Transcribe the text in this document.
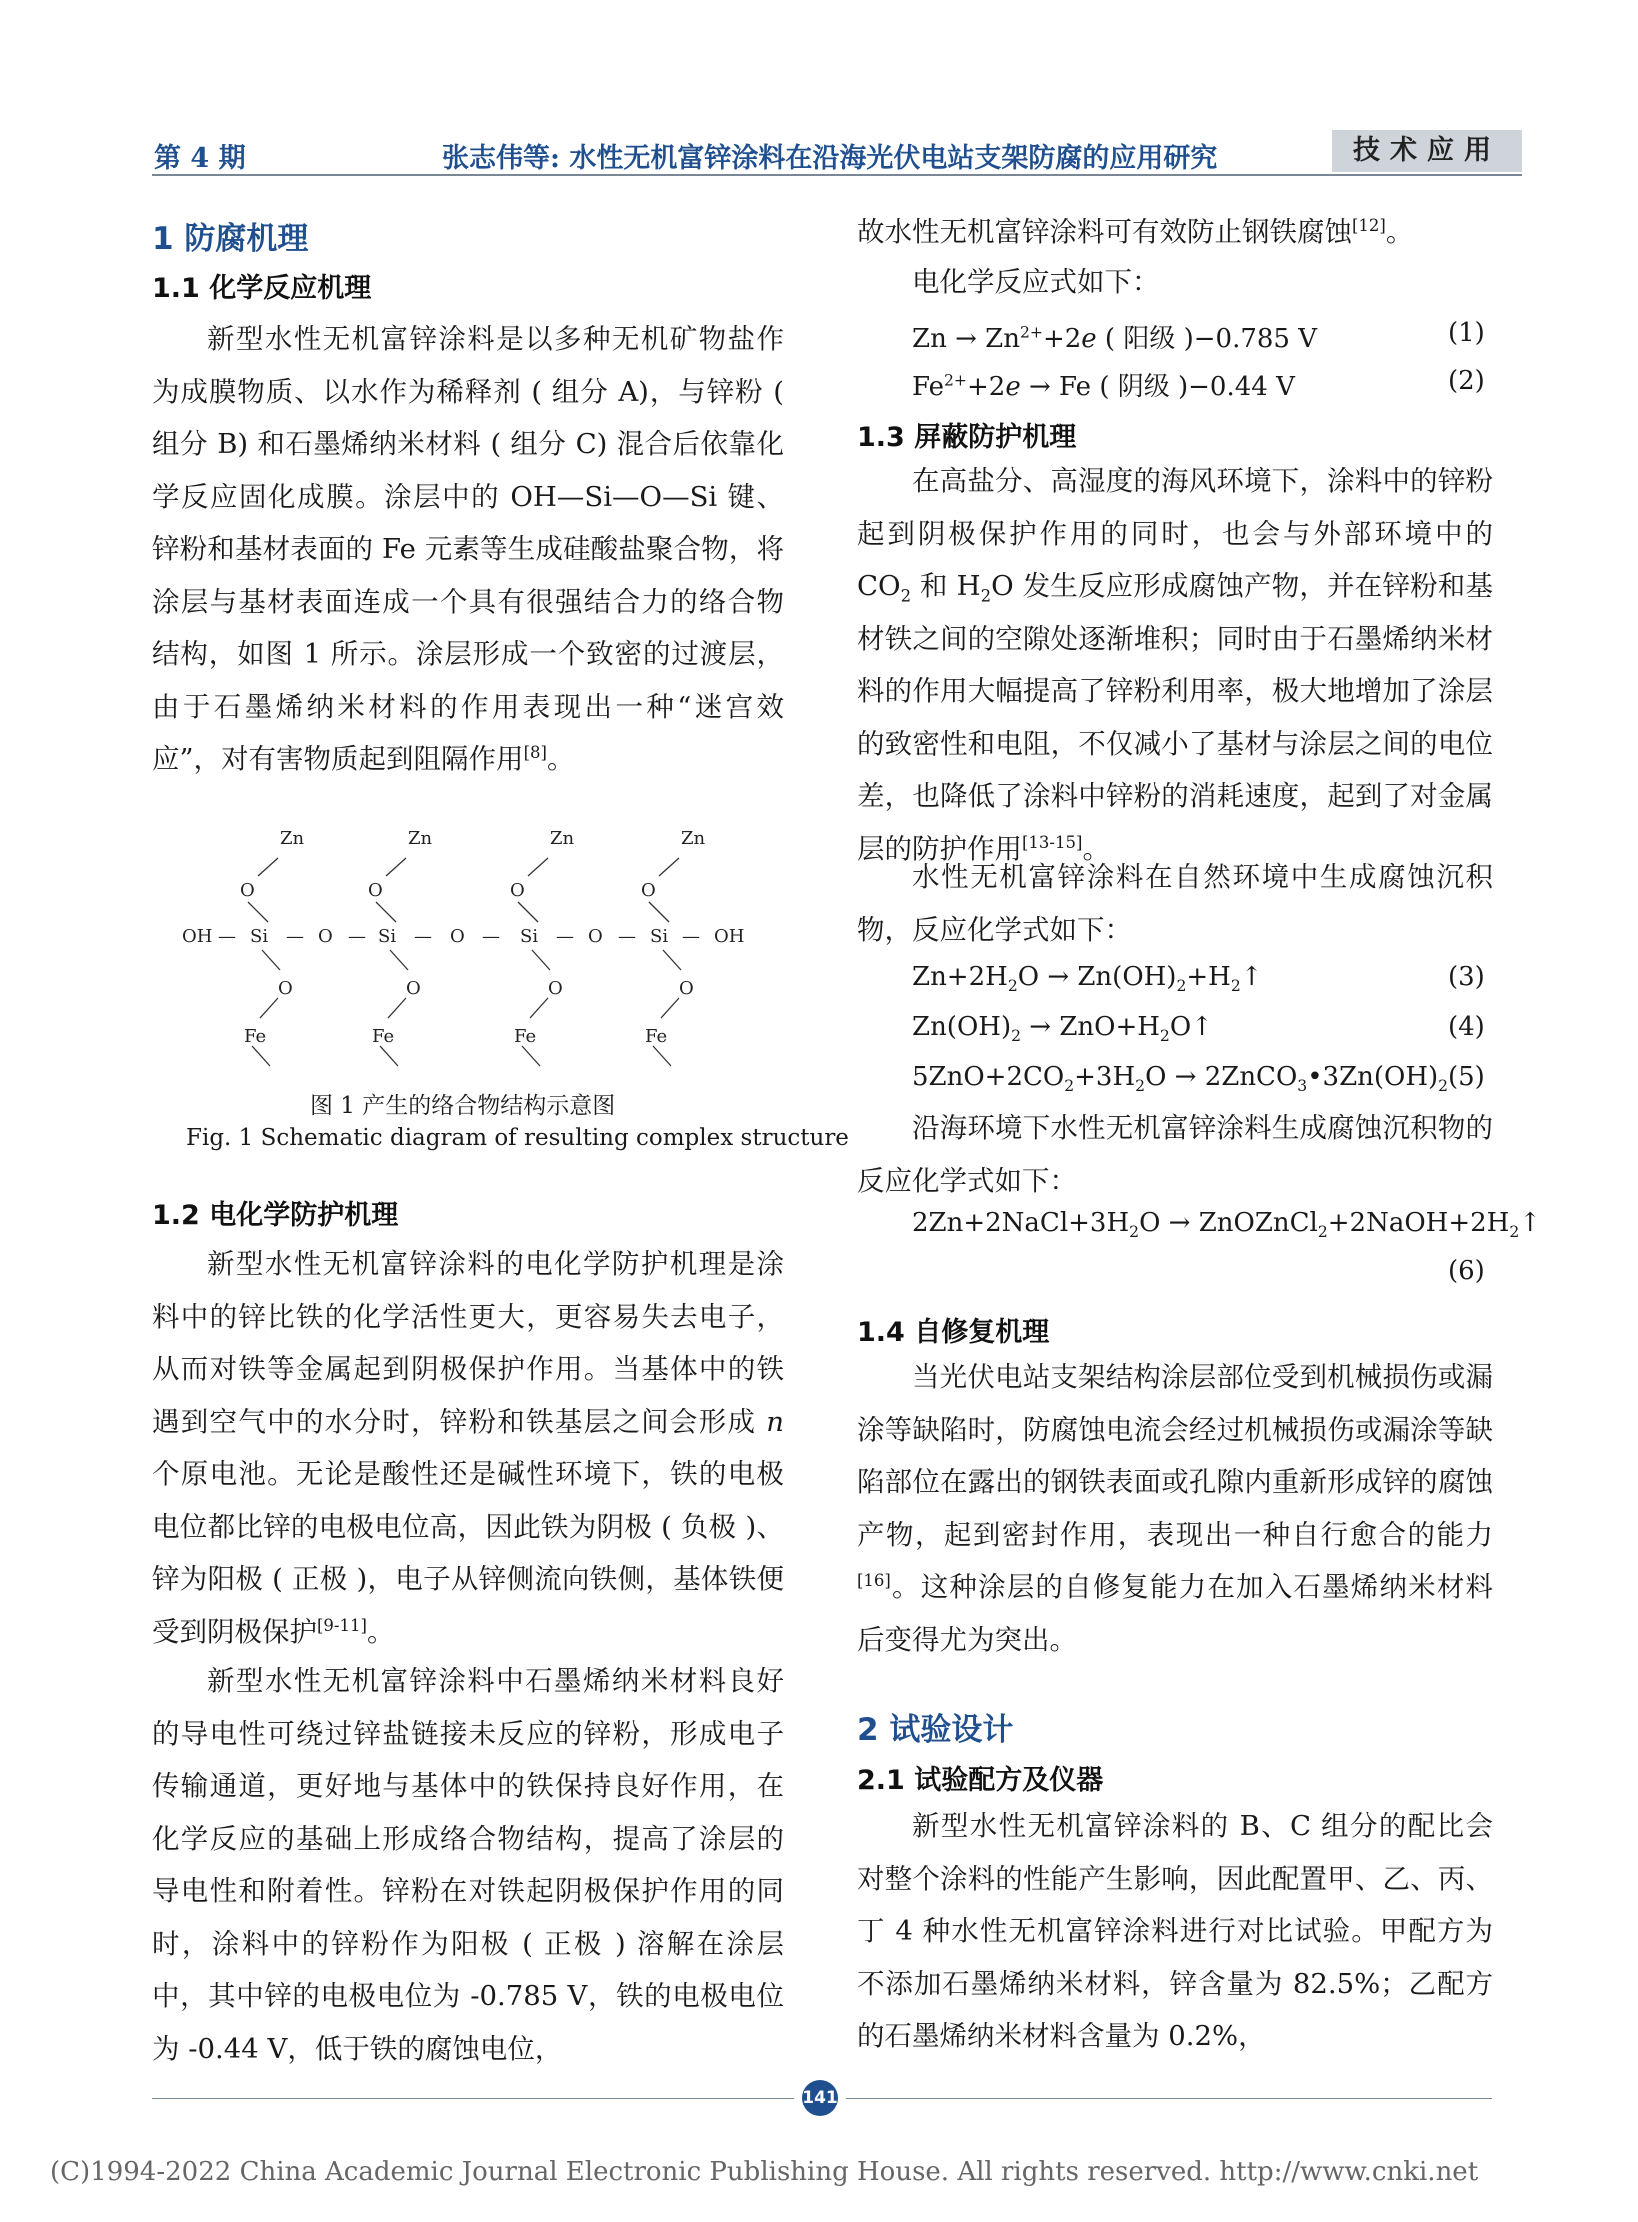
第 4 期	张志伟等: 水性无机富锌涂料在沿海光伏电站支架防腐的应用研究	技术应用
1 防腐机理
1.1 化学反应机理
新型水性无机富锌涂料是以多种无机矿物盐作为成膜物质、以水作为稀释剂 ( 组分 A)，与锌粉 ( 组分 B) 和石墨烯纳米材料 ( 组分 C) 混合后依靠化学反应固化成膜。涂层中的 OH—Si—O—Si 键、锌粉和基材表面的 Fe 元素等生成硅酸盐聚合物，将涂层与基材表面连成一个具有很强结合力的络合物结构，如图 1 所示。涂层形成一个致密的过渡层，由于石墨烯纳米材料的作用表现出一种“迷宫效应”，对有害物质起到阻隔作用[8]。
Zn	Zn	Zn	Zn
O	O	O	O
OH — Si — O — Si — O — Si — O — Si — OH
O	O	O	O
Fe	Fe	Fe	Fe
图 1 产生的络合物结构示意图
Fig. 1 Schematic diagram of resulting complex structure
1.2 电化学防护机理
新型水性无机富锌涂料的电化学防护机理是涂料中的锌比铁的化学活性更大，更容易失去电子，从而对铁等金属起到阴极保护作用。当基体中的铁遇到空气中的水分时，锌粉和铁基层之间会形成 n 个原电池。无论是酸性还是碱性环境下，铁的电极电位都比锌的电极电位高，因此铁为阴极 ( 负极 )、锌为阳极 ( 正极 )，电子从锌侧流向铁侧，基体铁便受到阴极保护[9-11]。
新型水性无机富锌涂料中石墨烯纳米材料良好的导电性可绕过锌盐链接未反应的锌粉，形成电子传输通道，更好地与基体中的铁保持良好作用，在化学反应的基础上形成络合物结构，提高了涂层的导电性和附着性。锌粉在对铁起阴极保护作用的同时，涂料中的锌粉作为阳极 ( 正极 ) 溶解在涂层中，其中锌的电极电位为 -0.785 V，铁的电极电位为 -0.44 V，低于铁的腐蚀电位，
故水性无机富锌涂料可有效防止钢铁腐蚀[12]。
电化学反应式如下：
$Zn \to Zn^{2+}+2e$ ( 阳级 )−0.785 V	(1)
$Fe^{2+}+2e \to Fe$ ( 阴级 )−0.44 V	(2)
1.3 屏蔽防护机理
在高盐分、高湿度的海风环境下，涂料中的锌粉起到阴极保护作用的同时，也会与外部环境中的 $CO_2$ 和 $H_2O$ 发生反应形成腐蚀产物，并在锌粉和基材铁之间的空隙处逐渐堆积；同时由于石墨烯纳米材料的作用大幅提高了锌粉利用率，极大地增加了涂层的致密性和电阻，不仅减小了基材与涂层之间的电位差，也降低了涂料中锌粉的消耗速度，起到了对金属层的防护作用[13-15]。
水性无机富锌涂料在自然环境中生成腐蚀沉积物，反应化学式如下：
$Zn+2H_2O$ → $Zn(OH)_2+H_2↑$	(3)
$Zn(OH)_2$ → $ZnO+H_2O↑$	(4)
$5ZnO+2CO_2+3H_2O$ → $2ZnCO_3•3Zn(OH)_2$ (5)
沿海环境下水性无机富锌涂料生成腐蚀沉积物的反应化学式如下：
$2Zn+2NaCl+3H_2O$ → $ZnOZnCl_2+2NaOH+2H_2↑$
(6)
1.4 自修复机理
当光伏电站支架结构涂层部位受到机械损伤或漏涂等缺陷时，防腐蚀电流会经过机械损伤或漏涂等缺陷部位在露出的钢铁表面或孔隙内重新形成锌的腐蚀产物，起到密封作用，表现出一种自行愈合的能力[16]。这种涂层的自修复能力在加入石墨烯纳米材料后变得尤为突出。
2 试验设计
2.1 试验配方及仪器
新型水性无机富锌涂料的 B、C 组分的配比会对整个涂料的性能产生影响，因此配置甲、乙、丙、丁 4 种水性无机富锌涂料进行对比试验。甲配方为不添加石墨烯纳米材料，锌含量为 82.5%；乙配方的石墨烯纳米材料含量为 0.2%，
141
(C)1994-2022 China Academic Journal Electronic Publishing House. All rights reserved. http://www.cnki.net
